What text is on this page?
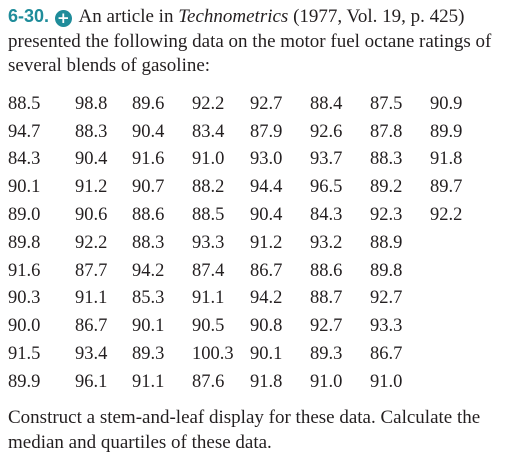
6-30. + An article in Technometrics (1977, Vol. 19, p. 425) presented the following data on the motor fuel octane ratings of several blends of gasoline:
88.5	98.8	89.6	92.2	92.7	88.4	87.5	90.9
94.7	88.3	90.4	83.4	87.9	92.6	87.8	89.9
84.3	90.4	91.6	91.0	93.0	93.7	88.3	91.8
90.1	91.2	90.7	88.2	94.4	96.5	89.2	89.7
89.0	90.6	88.6	88.5	90.4	84.3	92.3	92.2
89.8	92.2	88.3	93.3	91.2	93.2	88.9	
91.6	87.7	94.2	87.4	86.7	88.6	89.8	
90.3	91.1	85.3	91.1	94.2	88.7	92.7	
90.0	86.7	90.1	90.5	90.8	92.7	93.3	
91.5	93.4	89.3	100.3	90.1	89.3	86.7	
89.9	96.1	91.1	87.6	91.8	91.0	91.0	
Construct a stem-and-leaf display for these data. Calculate the median and quartiles of these data.
